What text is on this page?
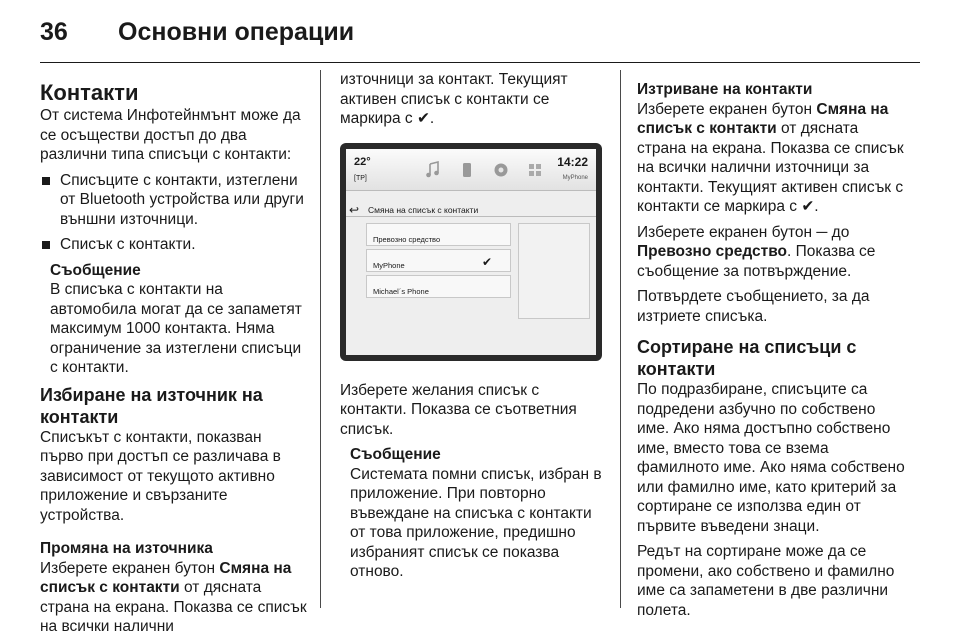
36	Основни операции
Контакти

От система Инфотейнмънт може да се осъществи достъп до два различни типа списъци с контакти:

Списъците с контакти, изтеглени от Bluetooth устройства или други външни източници.
Списък с контакти.
Съобщение
В списъка с контакти на автомобила могат да се запаметят максимум 1000 контакта. Няма ограничение за изтеглени списъци с контакти.
Избиране на източник на контакти

Списъкът с контакти, показван първо при достъп се различава в зависимост от текущото активно приложение и свързаните устройства.

Промяна на източника

Изберете екранен бутон Смяна на списък с контакти от дясната страна на екрана. Показва се списък на всички налични

източници за контакт. Текущият активен списък с контакти се маркира с ✔.

22°
[TP]
14:22
MyPhone
↩ Смяна на списък с контакти
Превозно средство
MyPhone	✔
Michael´s Phone

Изберете желания списък с контакти. Показва се съответния списък.

Съобщение
Системата помни списък, избран в приложение. При повторно въвеждане на списъка с контакти от това приложение, предишно избраният списък се показва отново.
Изтриване на контакти

Изберете екранен бутон Смяна на списък с контакти от дясната страна на екрана. Показва се списък на всички налични източници за контакти. Текущият активен списък с контакти се маркира с ✔.

Изберете екранен бутон ─ до Превозно средство. Показва се съобщение за потвърждение.

Потвърдете съобщението, за да изтриете списъка.

Сортиране на списъци с контакти

По подразбиране, списъците са подредени азбучно по собствено име. Ако няма достъпно собствено име, вместо това се взема фамилното име. Ако няма собствено или фамилно име, като критерий за сортиране се използва един от първите въведени знаци.

Редът на сортиране може да се промени, ако собствено и фамилно име са запаметени в две различни полета.
